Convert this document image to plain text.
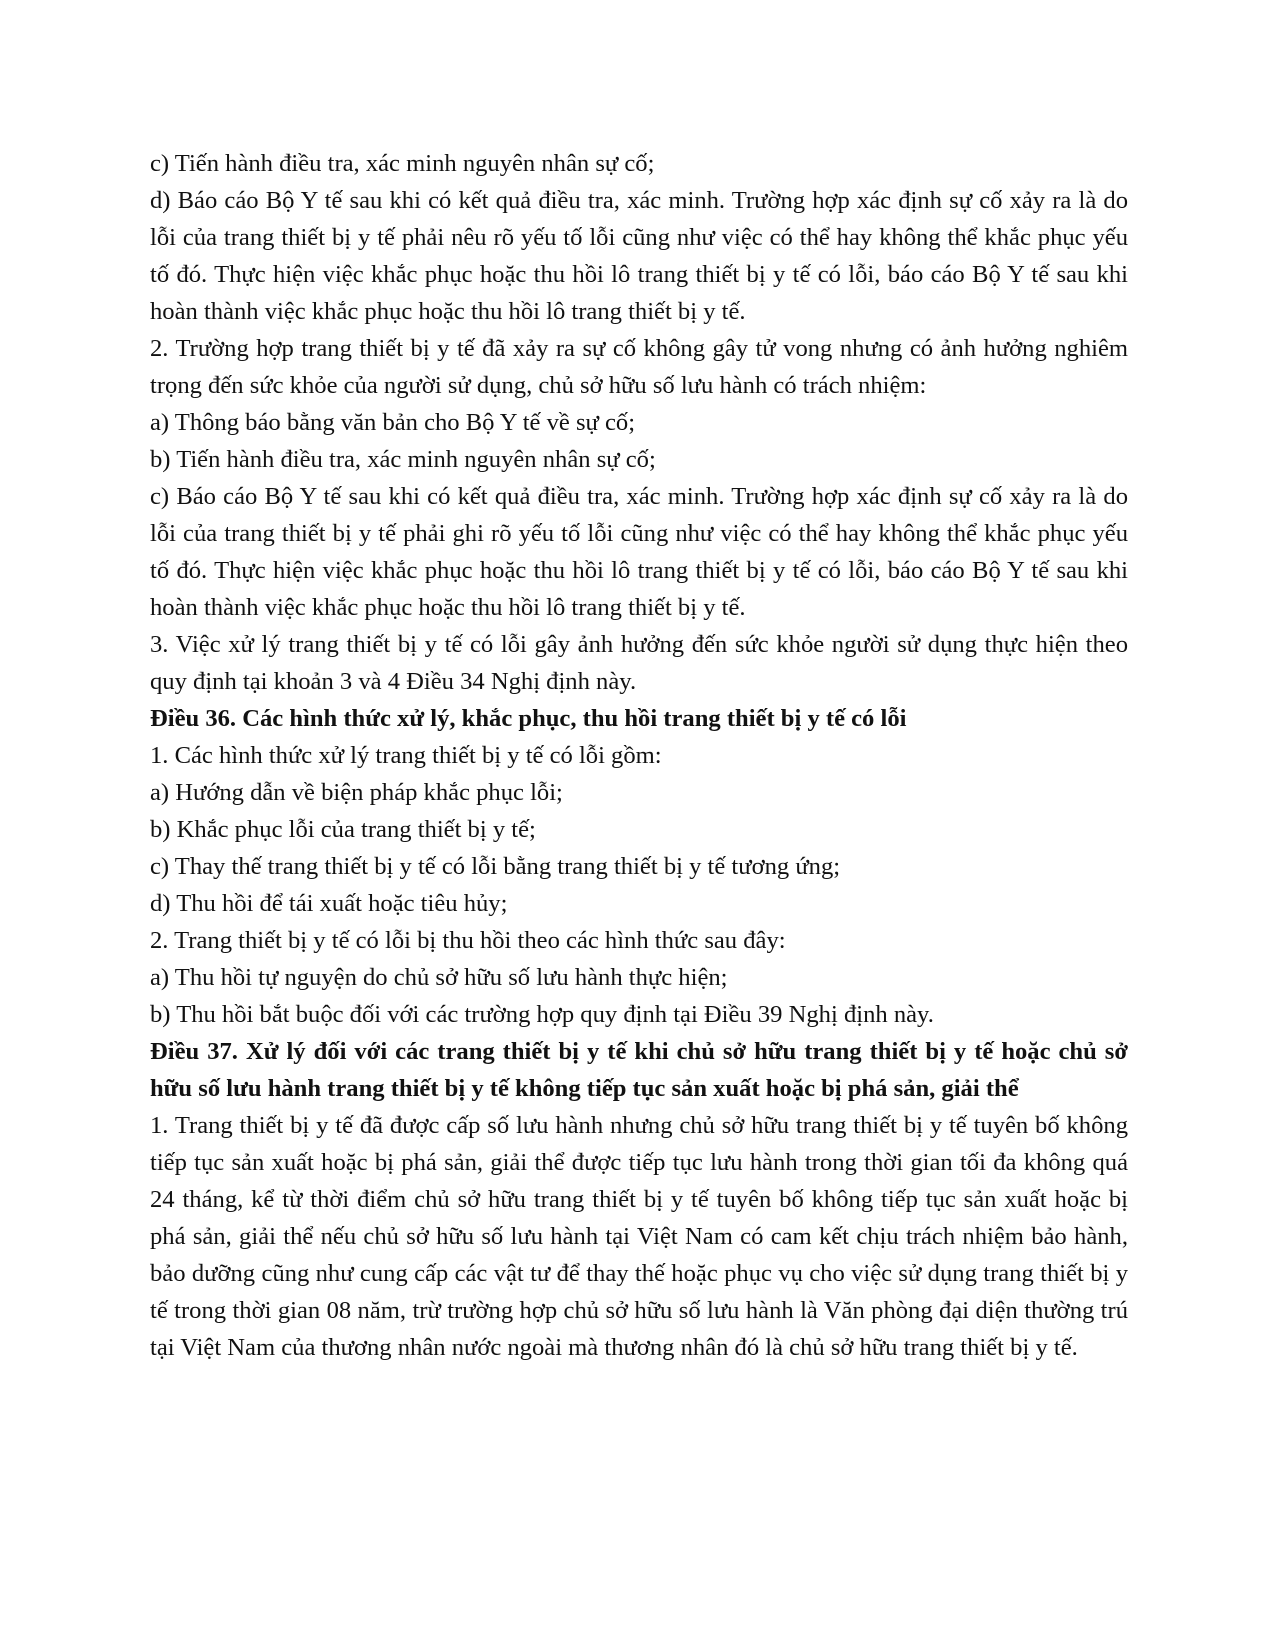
c) Tiến hành điều tra, xác minh nguyên nhân sự cố;

d) Báo cáo Bộ Y tế sau khi có kết quả điều tra, xác minh. Trường hợp xác định sự cố xảy ra là do lỗi của trang thiết bị y tế phải nêu rõ yếu tố lỗi cũng như việc có thể hay không thể khắc phục yếu tố đó. Thực hiện việc khắc phục hoặc thu hồi lô trang thiết bị y tế có lỗi, báo cáo Bộ Y tế sau khi hoàn thành việc khắc phục hoặc thu hồi lô trang thiết bị y tế.

2. Trường hợp trang thiết bị y tế đã xảy ra sự cố không gây tử vong nhưng có ảnh hưởng nghiêm trọng đến sức khỏe của người sử dụng, chủ sở hữu số lưu hành có trách nhiệm:

a) Thông báo bằng văn bản cho Bộ Y tế về sự cố;

b) Tiến hành điều tra, xác minh nguyên nhân sự cố;

c) Báo cáo Bộ Y tế sau khi có kết quả điều tra, xác minh. Trường hợp xác định sự cố xảy ra là do lỗi của trang thiết bị y tế phải ghi rõ yếu tố lỗi cũng như việc có thể hay không thể khắc phục yếu tố đó. Thực hiện việc khắc phục hoặc thu hồi lô trang thiết bị y tế có lỗi, báo cáo Bộ Y tế sau khi hoàn thành việc khắc phục hoặc thu hồi lô trang thiết bị y tế.

3. Việc xử lý trang thiết bị y tế có lỗi gây ảnh hưởng đến sức khỏe người sử dụng thực hiện theo quy định tại khoản 3 và 4 Điều 34 Nghị định này.

Điều 36. Các hình thức xử lý, khắc phục, thu hồi trang thiết bị y tế có lỗi

1. Các hình thức xử lý trang thiết bị y tế có lỗi gồm:

a) Hướng dẫn về biện pháp khắc phục lỗi;

b) Khắc phục lỗi của trang thiết bị y tế;

c) Thay thế trang thiết bị y tế có lỗi bằng trang thiết bị y tế tương ứng;

d) Thu hồi để tái xuất hoặc tiêu hủy;

2. Trang thiết bị y tế có lỗi bị thu hồi theo các hình thức sau đây:

a) Thu hồi tự nguyện do chủ sở hữu số lưu hành thực hiện;

b) Thu hồi bắt buộc đối với các trường hợp quy định tại Điều 39 Nghị định này.

Điều 37. Xử lý đối với các trang thiết bị y tế khi chủ sở hữu trang thiết bị y tế hoặc chủ sở hữu số lưu hành trang thiết bị y tế không tiếp tục sản xuất hoặc bị phá sản, giải thể

1. Trang thiết bị y tế đã được cấp số lưu hành nhưng chủ sở hữu trang thiết bị y tế tuyên bố không tiếp tục sản xuất hoặc bị phá sản, giải thể được tiếp tục lưu hành trong thời gian tối đa không quá 24 tháng, kể từ thời điểm chủ sở hữu trang thiết bị y tế tuyên bố không tiếp tục sản xuất hoặc bị phá sản, giải thể nếu chủ sở hữu số lưu hành tại Việt Nam có cam kết chịu trách nhiệm bảo hành, bảo dưỡng cũng như cung cấp các vật tư để thay thế hoặc phục vụ cho việc sử dụng trang thiết bị y tế trong thời gian 08 năm, trừ trường hợp chủ sở hữu số lưu hành là Văn phòng đại diện thường trú tại Việt Nam của thương nhân nước ngoài mà thương nhân đó là chủ sở hữu trang thiết bị y tế.
